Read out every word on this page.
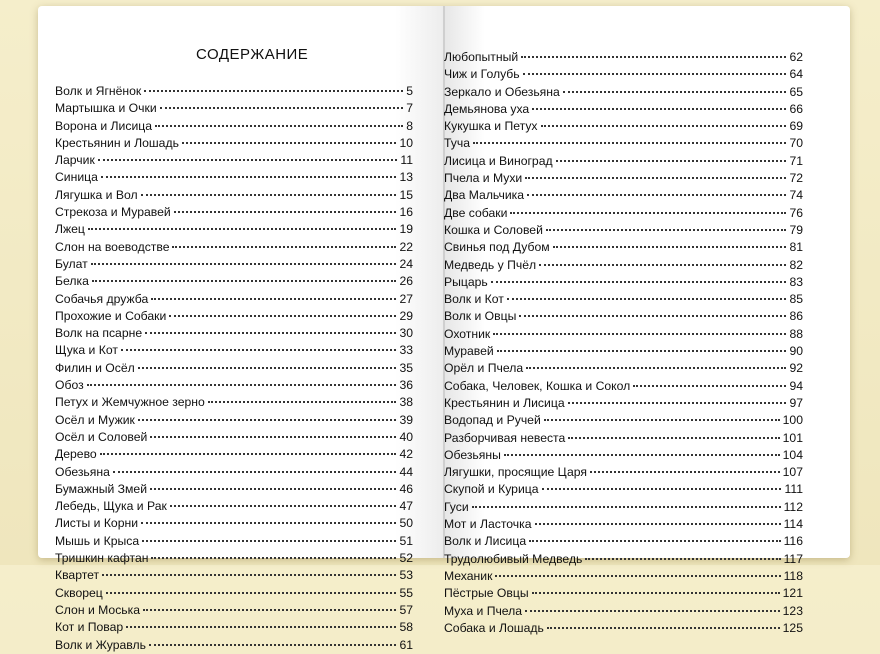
СОДЕРЖАНИЕ
Волк и Ягнёнок	5
Мартышка и Очки	7
Ворона и Лисица	8
Крестьянин и Лошадь	10
Ларчик	11
Синица	13
Лягушка и Вол	15
Стрекоза и Муравей	16
Лжец	19
Слон на воеводстве	22
Булат	24
Белка	26
Собачья дружба	27
Прохожие и Собаки	29
Волк на псарне	30
Щука и Кот	33
Филин и Осёл	35
Обоз	36
Петух и Жемчужное зерно	38
Осёл и Мужик	39
Осёл и Соловей	40
Дерево	42
Обезьяна	44
Бумажный Змей	46
Лебедь, Щука и Рак	47
Листы и Корни	50
Мышь и Крыса	51
Тришкин кафтан	52
Квартет	53
Скворец	55
Слон и Моська	57
Кот и Повар	58
Волк и Журавль	61
Любопытный	62
Чиж и Голубь	64
Зеркало и Обезьяна	65
Демьянова уха	66
Кукушка и Петух	69
Туча	70
Лисица и Виноград	71
Пчела и Мухи	72
Два Мальчика	74
Две собаки	76
Кошка и Соловей	79
Свинья под Дубом	81
Медведь у Пчёл	82
Рыцарь	83
Волк и Кот	85
Волк и Овцы	86
Охотник	88
Муравей	90
Орёл и Пчела	92
Собака, Человек, Кошка и Сокол	94
Крестьянин и Лисица	97
Водопад и Ручей	100
Разборчивая невеста	101
Обезьяны	104
Лягушки, просящие Царя	107
Скупой и Курица	111
Гуси	112
Мот и Ласточка	114
Волк и Лисица	116
Трудолюбивый Медведь	117
Механик	118
Пёстрые Овцы	121
Муха и Пчела	123
Собака и Лошадь	125
